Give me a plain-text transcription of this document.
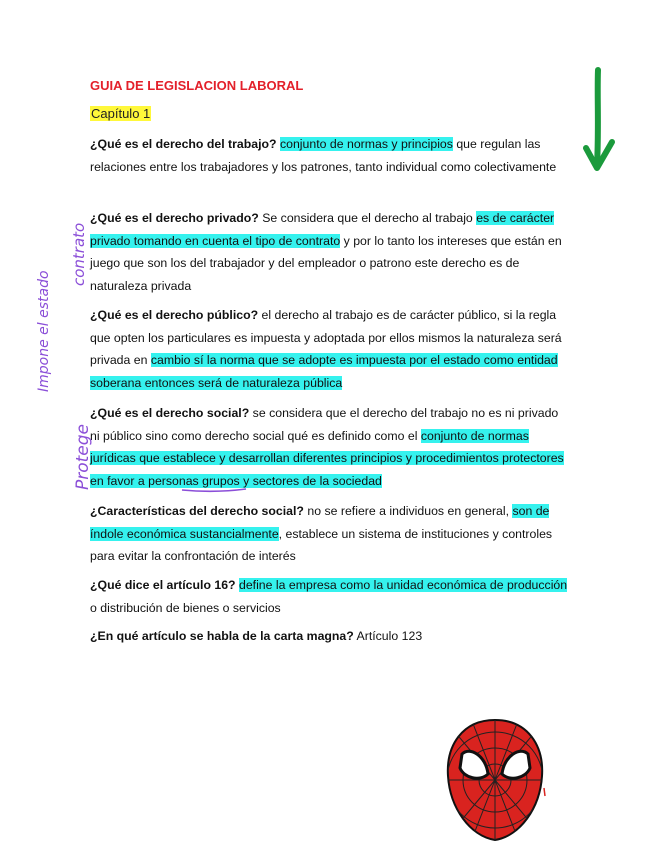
GUIA DE LEGISLACION LABORAL
Capítulo 1
¿Qué es el derecho del trabajo? conjunto de normas y principios que regulan las relaciones entre los trabajadores y los patrones, tanto individual como colectivamente
¿Qué es el derecho privado? Se considera que el derecho al trabajo es de carácter privado tomando en cuenta el tipo de contrato y por lo tanto los intereses que están en juego que son los del trabajador y del empleador o patrono este derecho es de naturaleza privada
¿Qué es el derecho público? el derecho al trabajo es de carácter público, si la regla que opten los particulares es impuesta y adoptada por ellos mismos la naturaleza será privada en cambio sí la norma que se adopte es impuesta por el estado como entidad soberana entonces será de naturaleza pública
¿Qué es el derecho social? se considera que el derecho del trabajo no es ni privado ni público sino como derecho social qué es definido como el conjunto de normas jurídicas que establece y desarrollan diferentes principios y procedimientos protectores en favor a personas grupos y sectores de la sociedad
¿Características del derecho social? no se refiere a individuos en general, son de índole económica sustancialmente, establece un sistema de instituciones y controles para evitar la confrontación de interés
¿Qué dice el artículo 16? define la empresa como la unidad económica de producción o distribución de bienes o servicios
¿En qué artículo se habla de la carta magna? Artículo 123
contrato
Impone el estado
Protege
